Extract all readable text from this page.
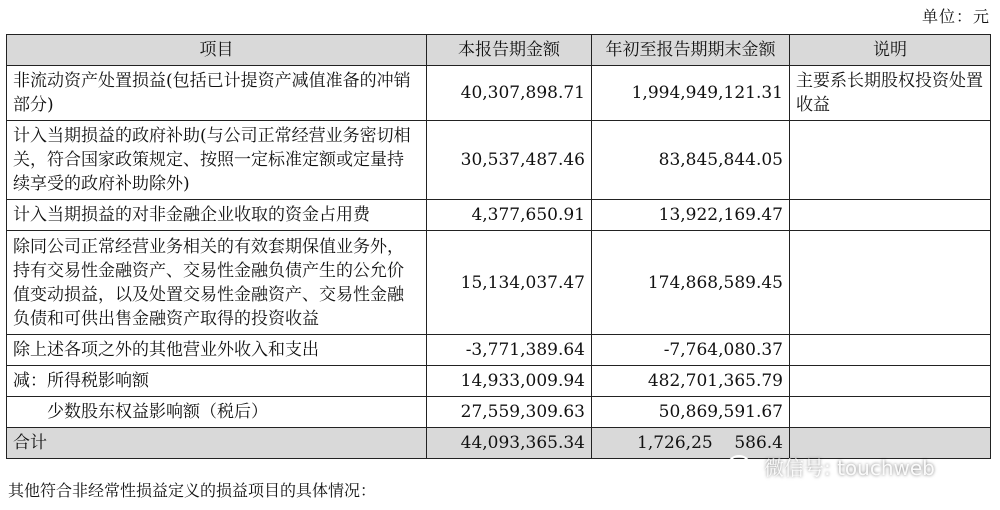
单位：元
项目	本报告期金额	年初至报告期期末金额	说明
非流动资产处置损益(包括已计提资产减值准备的冲销部分)	40,307,898.71	1,994,949,121.31	主要系长期股权投资处置收益
计入当期损益的政府补助(与公司正常经营业务密切相关，符合国家政策规定、按照一定标准定额或定量持续享受的政府补助除外)	30,537,487.46	83,845,844.05	
计入当期损益的对非金融企业收取的资金占用费	4,377,650.91	13,922,169.47	
除同公司正常经营业务相关的有效套期保值业务外，持有交易性金融资产、交易性金融负债产生的公允价值变动损益，以及处置交易性金融资产、交易性金融负债和可供出售金融资产取得的投资收益	15,134,037.47	174,868,589.45	
除上述各项之外的其他营业外收入和支出	-3,771,389.64	-7,764,080.37	
减：所得税影响额	14,933,009.94	482,701,365.79	
少数股东权益影响额（税后）	27,559,309.63	50,869,591.67	
合计	44,093,365.34	1,726,25    586.4	
微信号: touchweb
其他符合非经常性损益定义的损益项目的具体情况：
